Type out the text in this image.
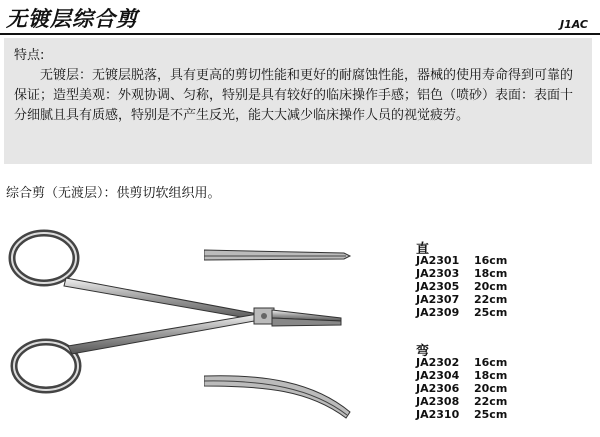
无镀层综合剪	J1AC
特点:
无镀层：无镀层脱落，具有更高的剪切性能和更好的耐腐蚀性能，器械的使用寿命得到可靠的保证；造型美观：外观协调、匀称，特别是具有较好的临床操作手感；铝色（喷砂）表面：表面十分细腻且具有质感，特别是不产生反光，能大大减少临床操作人员的视觉疲劳。
综合剪（无渡层）：供剪切软组织用。
直
JA2301	16cm
JA2303	18cm
JA2305	20cm
JA2307	22cm
JA2309	25cm
弯
JA2302	16cm
JA2304	18cm
JA2306	20cm
JA2308	22cm
JA2310	25cm
